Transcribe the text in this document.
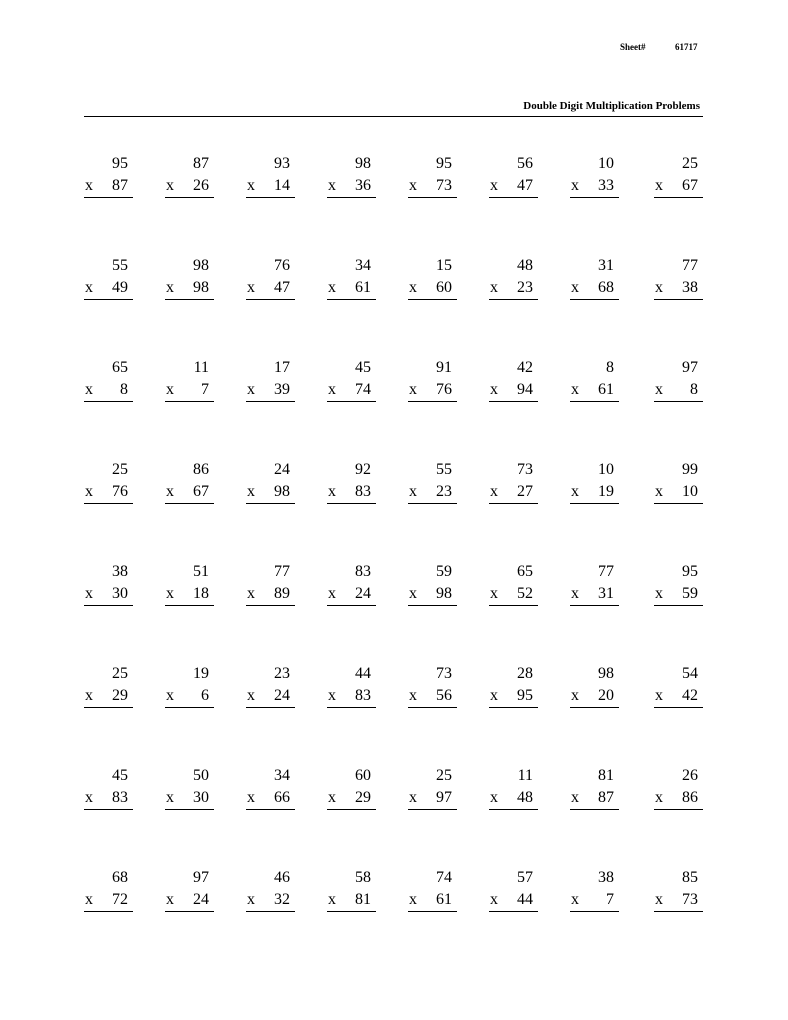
Sheet#	61717
Double Digit Multiplication Problems
95
x 87
87
x 26
93
x 14
98
x 36
95
x 73
56
x 47
10
x 33
25
x 67
55
x 49
98
x 98
76
x 47
34
x 61
15
x 60
48
x 23
31
x 68
77
x 38
65
x 8
11
x 7
17
x 39
45
x 74
91
x 76
42
x 94
8
x 61
97
x 8
25
x 76
86
x 67
24
x 98
92
x 83
55
x 23
73
x 27
10
x 19
99
x 10
38
x 30
51
x 18
77
x 89
83
x 24
59
x 98
65
x 52
77
x 31
95
x 59
25
x 29
19
x 6
23
x 24
44
x 83
73
x 56
28
x 95
98
x 20
54
x 42
45
x 83
50
x 30
34
x 66
60
x 29
25
x 97
11
x 48
81
x 87
26
x 86
68
x 72
97
x 24
46
x 32
58
x 81
74
x 61
57
x 44
38
x 7
85
x 73
